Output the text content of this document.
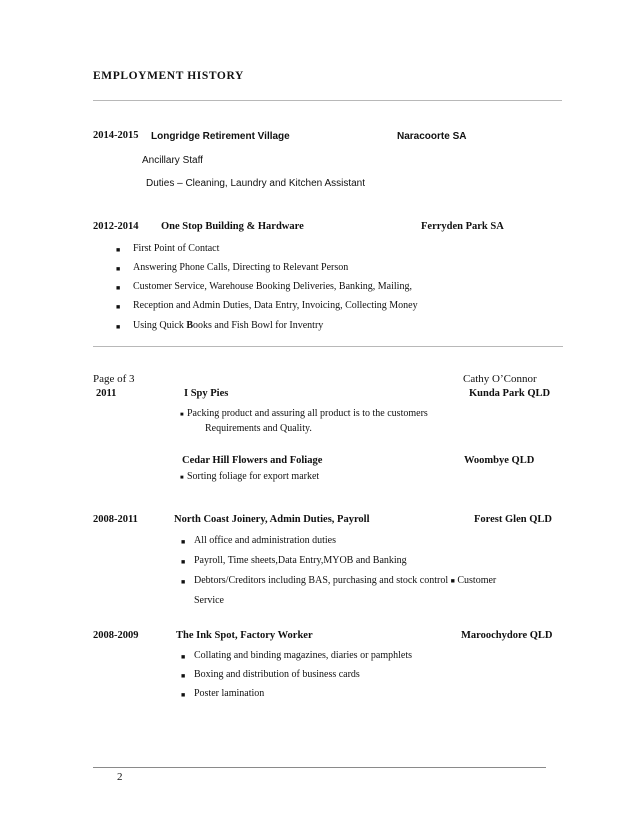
EMPLOYMENT HISTORY
2014-2015 Longridge Retirement Village	Naracoorte SA
Ancillary Staff
Duties – Cleaning, Laundry and Kitchen Assistant
2012-2014 One Stop Building & Hardware	Ferryden Park SA
■ First Point of Contact
■ Answering Phone Calls, Directing to Relevant Person
■ Customer Service, Warehouse Booking Deliveries, Banking, Mailing,
■ Reception and Admin Duties, Data Entry, Invoicing, Collecting Money
■ Using Quick Books and Fish Bowl for Inventry
Page of 3	Cathy O’Connor
2011	I Spy Pies	Kunda Park QLD
■ Packing product and assuring all product is to the customers
Requirements and Quality.
Cedar Hill Flowers and Foliage	Woombye QLD
■ Sorting foliage for export market
2008-2011	North Coast Joinery, Admin Duties, Payroll	Forest Glen QLD
■ All office and administration duties
■ Payroll, Time sheets,Data Entry,MYOB and Banking
■ Debtors/Creditors including BAS, purchasing and stock control ■ Customer
Service
2008-2009	The Ink Spot, Factory Worker	Maroochydore QLD
■ Collating and binding magazines, diaries or pamphlets
■ Boxing and distribution of business cards
■ Poster lamination
2
